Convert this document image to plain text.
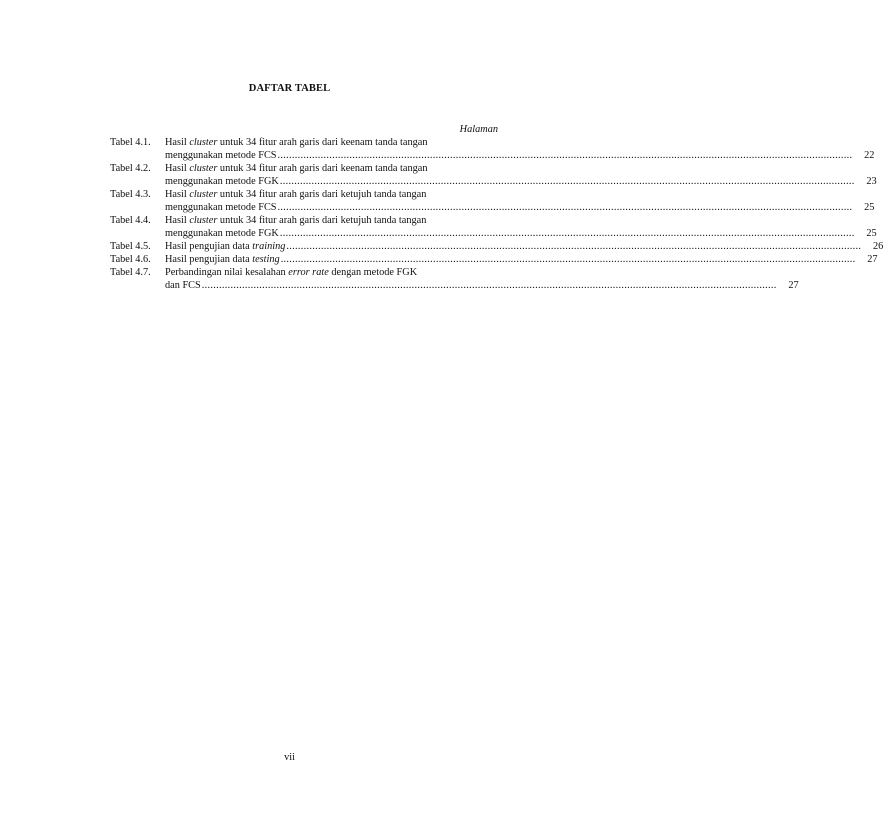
DAFTAR TABEL
Halaman
Tabel 4.1.	Hasil cluster untuk 34 fitur arah garis dari keenam tanda tangan
menggunakan metode FCS ........................................................................................................................................................................................................	22
Tabel 4.2.	Hasil cluster untuk 34 fitur arah garis dari keenam tanda tangan
menggunakan metode FGK ........................................................................................................................................................................................................	23
Tabel 4.3.	Hasil cluster untuk 34 fitur arah garis dari ketujuh tanda tangan
menggunakan metode FCS ........................................................................................................................................................................................................	25
Tabel 4.4.	Hasil cluster untuk 34 fitur arah garis dari ketujuh tanda tangan
menggunakan metode FGK ........................................................................................................................................................................................................	25
Tabel 4.5.	Hasil pengujian data training ........................................................................................................................................................................................................	26
Tabel 4.6.	Hasil pengujian data testing ........................................................................................................................................................................................................	27
Tabel 4.7.	Perbandingan nilai kesalahan error rate dengan metode FGK
dan FCS ........................................................................................................................................................................................................	27
vii
